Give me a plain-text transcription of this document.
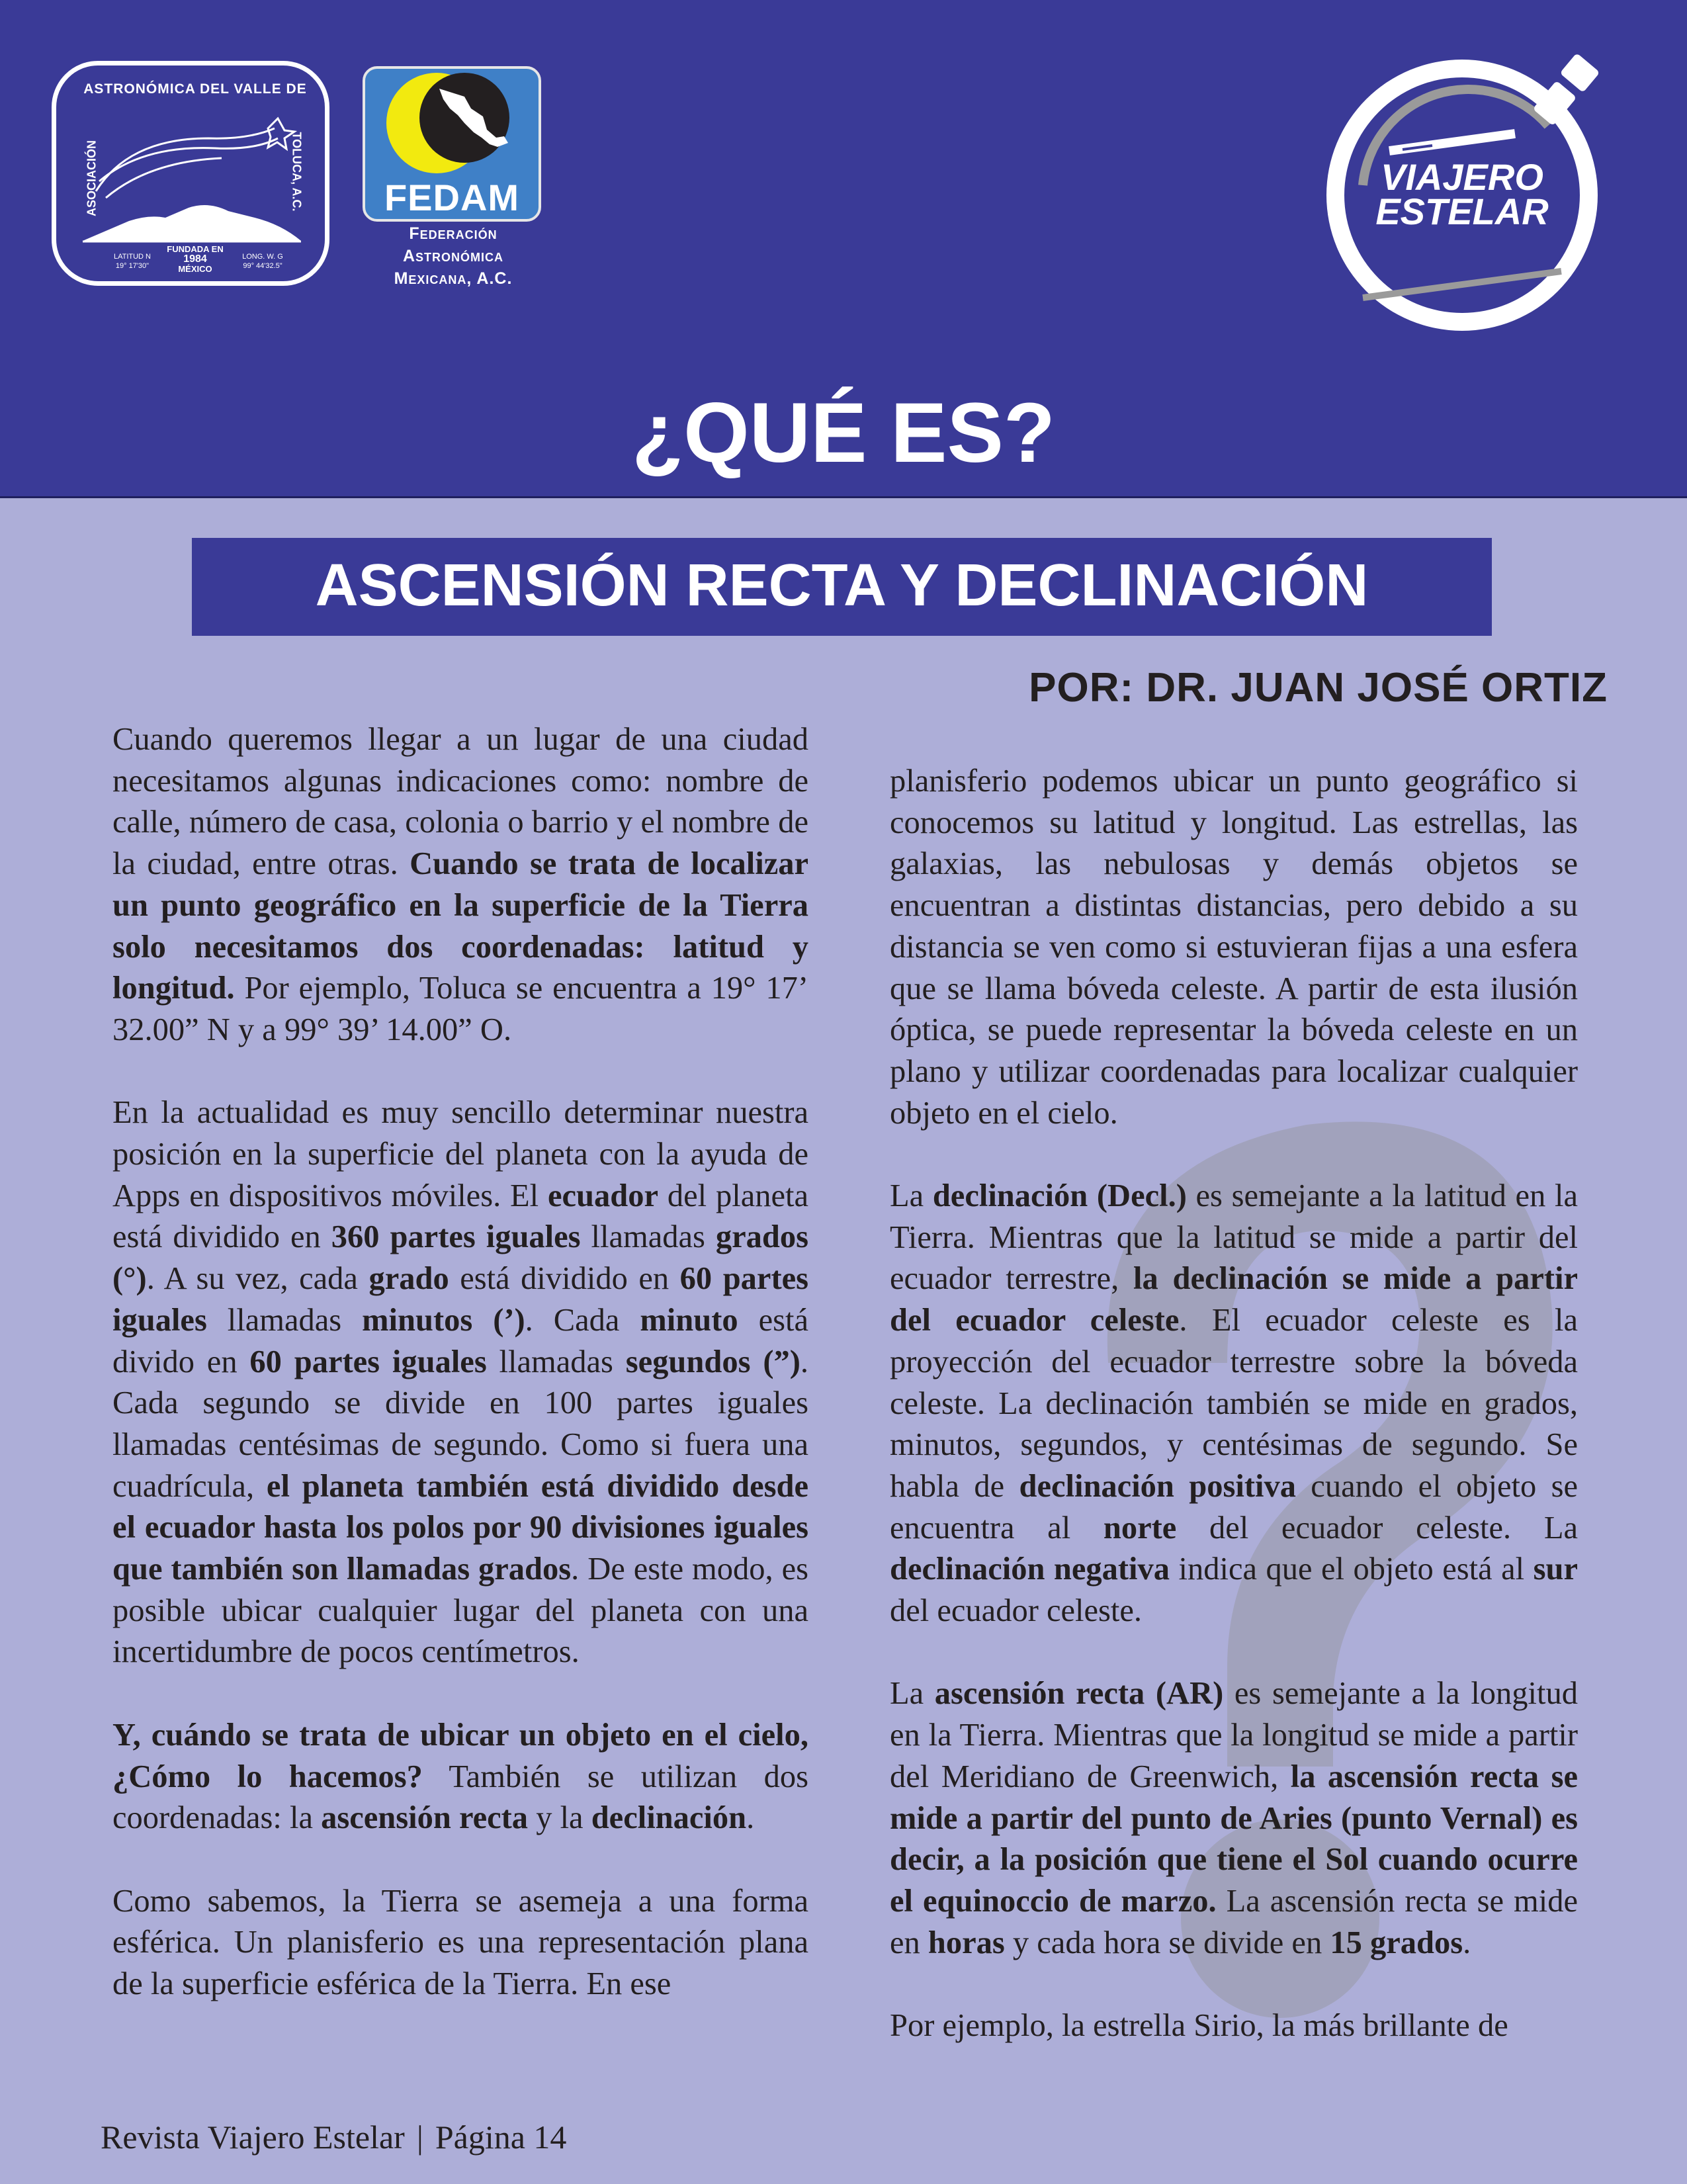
ASTRONÓMICA DEL VALLE DE
ASOCIACIÓN	TOLUCA, A.C.
FUNDADA EN
1984
MÉXICO
LATITUD N
19° 17'30"
LONG. W. G
99° 44'32.5"
FEDAM
Federación
Astronómica
Mexicana, A.C.
VIAJERO
ESTELAR
¿QUÉ ES?
ASCENSIÓN RECTA Y DECLINACIÓN
POR: DR. JUAN JOSÉ ORTIZ

Cuando queremos llegar a un lugar de una ciudad necesitamos algunas indicaciones como: nombre de calle, número de casa, colonia o barrio y el nombre de la ciudad, entre otras. Cuando se trata de localizar un punto geográfico en la superficie de la Tierra solo necesitamos dos coordenadas: latitud y longitud. Por ejemplo, Toluca se encuentra a 19° 17’ 32.00” N y a 99° 39’ 14.00” O.

En la actualidad es muy sencillo determinar nuestra posición en la superficie del planeta con la ayuda de Apps en dispositivos móviles. El ecuador del planeta está dividido en 360 partes iguales llamadas grados (°). A su vez, cada grado está dividido en 60 partes iguales llamadas minutos (’). Cada minuto está divido en 60 partes iguales llamadas segundos (”). Cada segundo se divide en 100 partes iguales llamadas centésimas de segundo. Como si fuera una cuadrícula, el planeta también está dividido desde el ecuador hasta los polos por 90 divisiones iguales que también son llamadas grados. De este modo, es posible ubicar cualquier lugar del planeta con una incertidumbre de pocos centímetros.

Y, cuándo se trata de ubicar un objeto en el cielo, ¿Cómo lo hacemos? También se utilizan dos coordenadas: la ascensión recta y la declinación.

Como sabemos, la Tierra se asemeja a una forma esférica. Un planisferio es una representación plana de la superficie esférica de la Tierra. En ese

planisferio podemos ubicar un punto geográfico si conocemos su latitud y longitud. Las estrellas, las galaxias, las nebulosas y demás objetos se encuentran a distintas distancias, pero debido a su distancia se ven como si estuvieran fijas a una esfera que se llama bóveda celeste. A partir de esta ilusión óptica, se puede representar la bóveda celeste en un plano y utilizar coordenadas para localizar cualquier objeto en el cielo.

La declinación (Decl.) es semejante a la latitud en la Tierra. Mientras que la latitud se mide a partir del ecuador terrestre, la declinación se mide a partir del ecuador celeste. El ecuador celeste es la proyección del ecuador terrestre sobre la bóveda celeste. La declinación también se mide en grados, minutos, segundos, y centésimas de segundo. Se habla de declinación positiva cuando el objeto se encuentra al norte del ecuador celeste. La declinación negativa indica que el objeto está al sur del ecuador celeste.

La ascensión recta (AR) es semejante a la longitud en la Tierra. Mientras que la longitud se mide a partir del Meridiano de Greenwich, la ascensión recta se mide a partir del punto de Aries (punto Vernal) es decir, a la posición que tiene el Sol cuando ocurre el equinoccio de marzo. La ascensión recta se mide en horas y cada hora se divide en 15 grados.

Por ejemplo, la estrella Sirio, la más brillante de

Revista Viajero Estelar | Página 14
